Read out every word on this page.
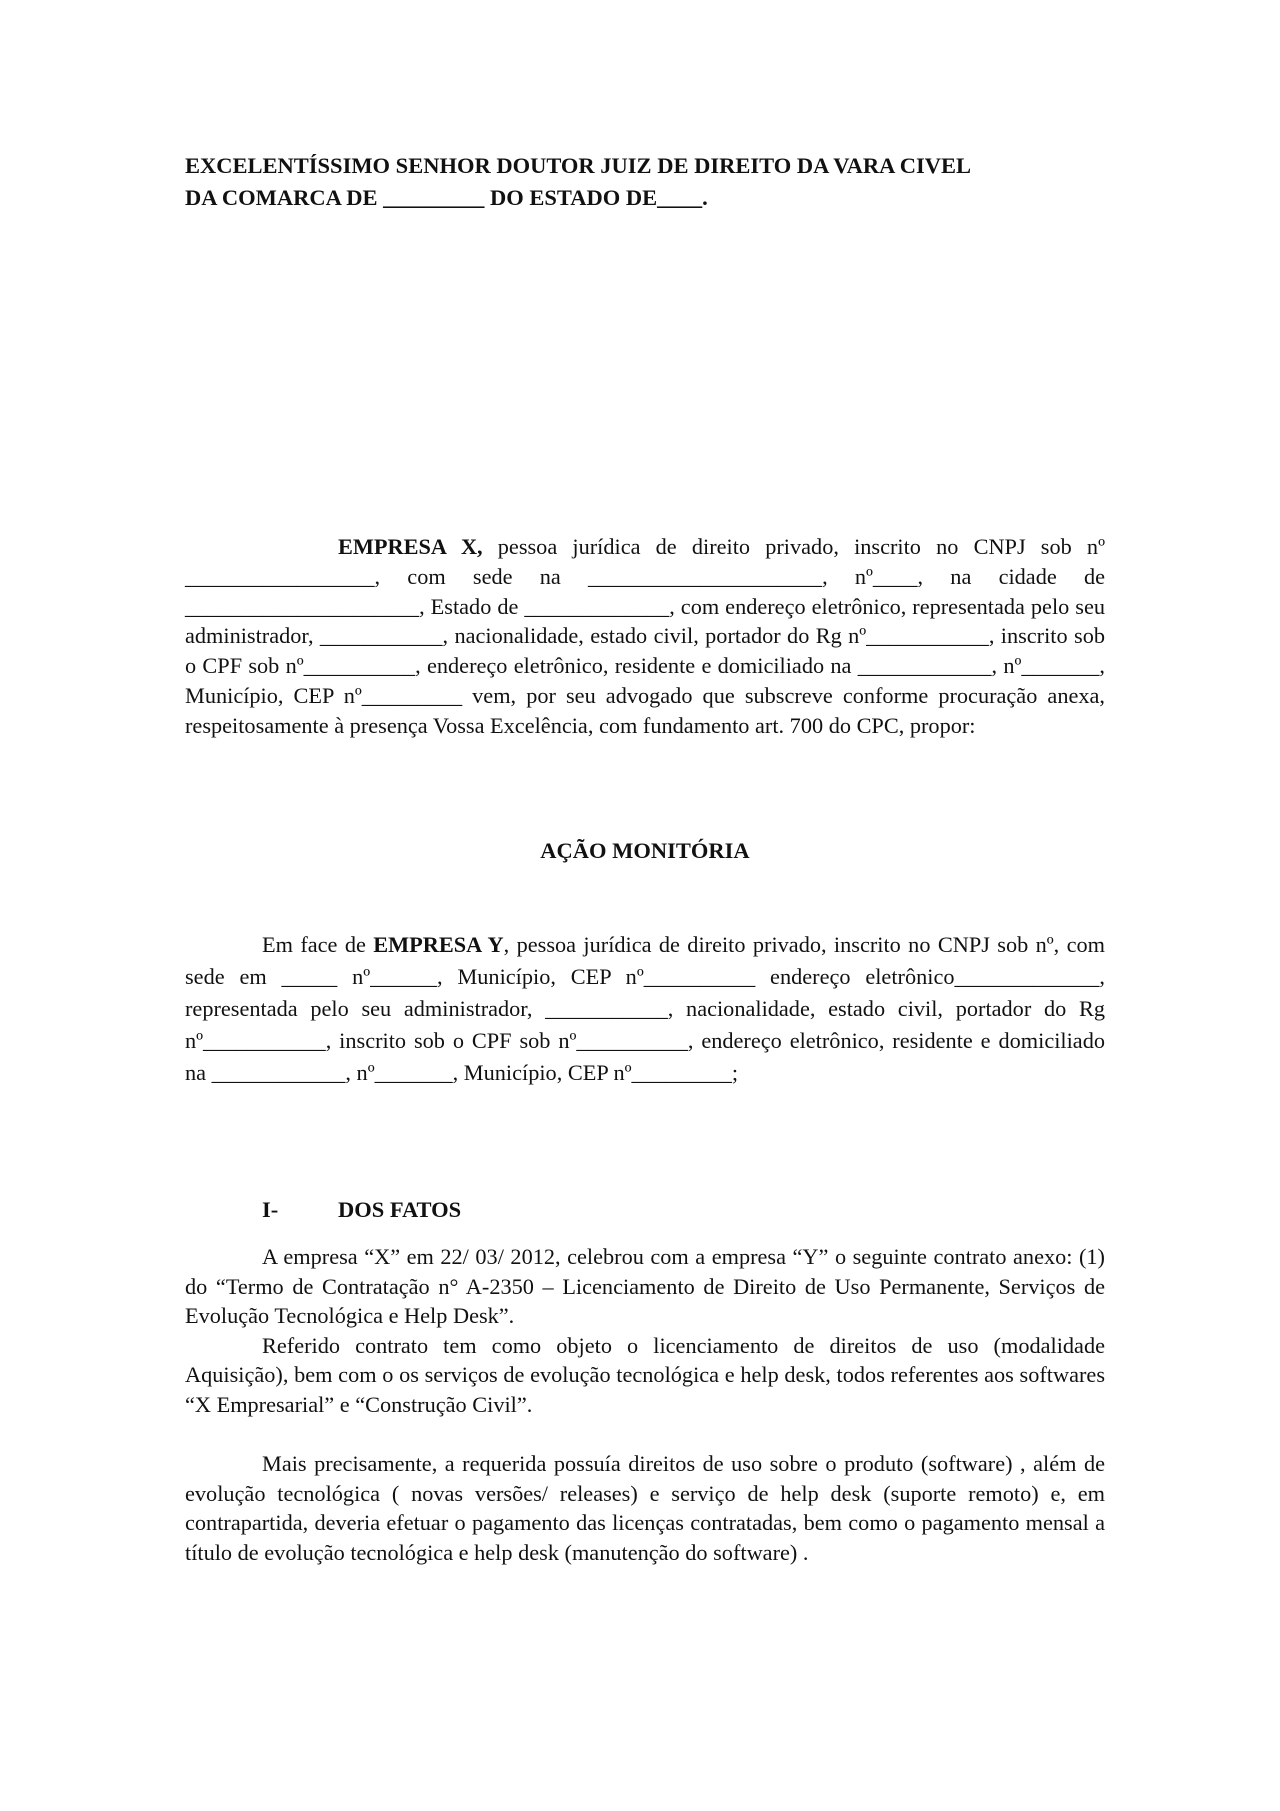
EXCELENTÍSSIMO SENHOR DOUTOR JUIZ DE DIREITO DA VARA CIVEL
DA COMARCA DE _________ DO ESTADO DE____.

EMPRESA X, pessoa jurídica de direito privado, inscrito no CNPJ sob nº _________________, com sede na _____________________, nº____, na cidade de _____________________, Estado de _____________, com endereço eletrônico, representada pelo seu administrador, ___________, nacionalidade, estado civil, portador do Rg nº___________, inscrito sob o CPF sob nº__________, endereço eletrônico, residente e domiciliado na ____________, nº_______, Município, CEP nº_________ vem, por seu advogado que subscreve conforme procuração anexa, respeitosamente à presença Vossa Excelência, com fundamento art. 700 do CPC, propor:

AÇÃO MONITÓRIA

Em face de EMPRESA Y, pessoa jurídica de direito privado, inscrito no CNPJ sob nº, com sede em _____ nº______, Município, CEP nº__________ endereço eletrônico_____________, representada pelo seu administrador, ___________, nacionalidade, estado civil, portador do Rg nº___________, inscrito sob o CPF sob nº__________, endereço eletrônico, residente e domiciliado na ____________, nº_______, Município, CEP nº_________;

I-	DOS FATOS

A empresa “X” em 22/ 03/ 2012, celebrou com a empresa “Y” o seguinte contrato anexo: (1) do “Termo de Contratação n° A-2350 – Licenciamento de Direito de Uso Permanente, Serviços de Evolução Tecnológica e Help Desk”.

Referido contrato tem como objeto o licenciamento de direitos de uso (modalidade Aquisição), bem com o os serviços de evolução tecnológica e help desk, todos referentes aos softwares “X Empresarial” e “Construção Civil”.

Mais precisamente, a requerida possuía direitos de uso sobre o produto (software) , além de evolução tecnológica ( novas versões/ releases) e serviço de help desk (suporte remoto) e, em contrapartida, deveria efetuar o pagamento das licenças contratadas, bem como o pagamento mensal a título de evolução tecnológica e help desk (manutenção do software) .
